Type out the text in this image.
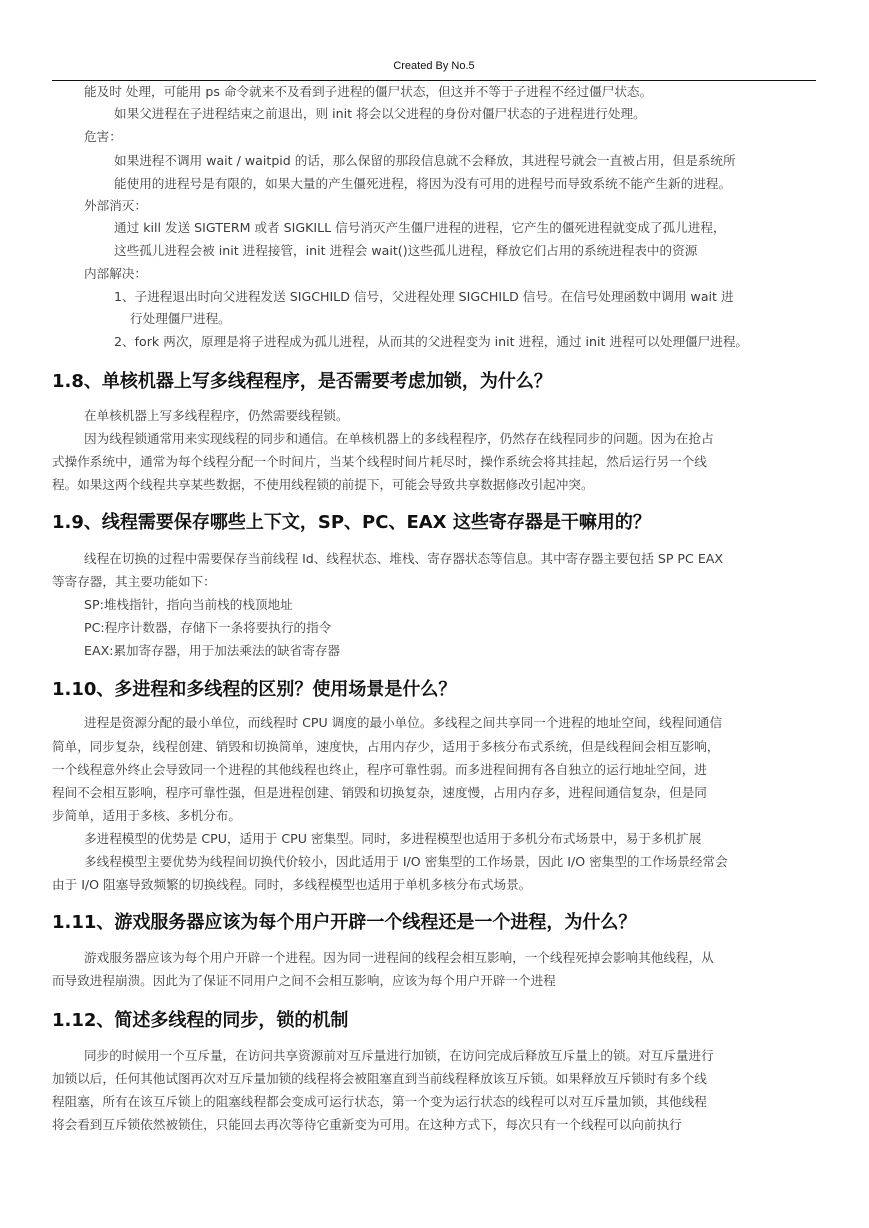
Created By No.5
能及时 处理，可能用 ps 命令就来不及看到子进程的僵尸状态，但这并不等于子进程不经过僵尸状态。
如果父进程在子进程结束之前退出，则 init 将会以父进程的身份对僵尸状态的子进程进行处理。
危害：
如果进程不调用 wait / waitpid 的话，那么保留的那段信息就不会释放，其进程号就会一直被占用，但是系统所
能使用的进程号是有限的，如果大量的产生僵死进程，将因为没有可用的进程号而导致系统不能产生新的进程。
外部消灭：
通过 kill 发送 SIGTERM 或者 SIGKILL 信号消灭产生僵尸进程的进程，它产生的僵死进程就变成了孤儿进程，
这些孤儿进程会被 init 进程接管，init 进程会 wait()这些孤儿进程，释放它们占用的系统进程表中的资源
内部解决：
1、子进程退出时向父进程发送 SIGCHILD 信号，父进程处理 SIGCHILD 信号。在信号处理函数中调用 wait 进
行处理僵尸进程。
2、fork 两次，原理是将子进程成为孤儿进程，从而其的父进程变为 init 进程，通过 init 进程可以处理僵尸进程。
1.8、单核机器上写多线程程序，是否需要考虑加锁，为什么？
在单核机器上写多线程程序，仍然需要线程锁。
因为线程锁通常用来实现线程的同步和通信。在单核机器上的多线程程序，仍然存在线程同步的问题。因为在抢占
式操作系统中，通常为每个线程分配一个时间片，当某个线程时间片耗尽时，操作系统会将其挂起，然后运行另一个线
程。如果这两个线程共享某些数据，不使用线程锁的前提下，可能会导致共享数据修改引起冲突。
1.9、线程需要保存哪些上下文，SP、PC、EAX 这些寄存器是干嘛用的？
线程在切换的过程中需要保存当前线程 Id、线程状态、堆栈、寄存器状态等信息。其中寄存器主要包括 SP PC EAX
等寄存器，其主要功能如下：
SP:堆栈指针，指向当前栈的栈顶地址
PC:程序计数器，存储下一条将要执行的指令
EAX:累加寄存器，用于加法乘法的缺省寄存器
1.10、多进程和多线程的区别？使用场景是什么？
进程是资源分配的最小单位，而线程时 CPU 调度的最小单位。多线程之间共享同一个进程的地址空间，线程间通信
简单，同步复杂，线程创建、销毁和切换简单，速度快，占用内存少，适用于多核分布式系统，但是线程间会相互影响，
一个线程意外终止会导致同一个进程的其他线程也终止，程序可靠性弱。而多进程间拥有各自独立的运行地址空间，进
程间不会相互影响，程序可靠性强，但是进程创建、销毁和切换复杂，速度慢，占用内存多，进程间通信复杂，但是同
步简单，适用于多核、多机分布。
多进程模型的优势是 CPU，适用于 CPU 密集型。同时，多进程模型也适用于多机分布式场景中，易于多机扩展
多线程模型主要优势为线程间切换代价较小，因此适用于 I/O 密集型的工作场景，因此 I/O 密集型的工作场景经常会
由于 I/O 阻塞导致频繁的切换线程。同时，多线程模型也适用于单机多核分布式场景。
1.11、游戏服务器应该为每个用户开辟一个线程还是一个进程，为什么？
游戏服务器应该为每个用户开辟一个进程。因为同一进程间的线程会相互影响，一个线程死掉会影响其他线程，从
而导致进程崩溃。因此为了保证不同用户之间不会相互影响，应该为每个用户开辟一个进程
1.12、简述多线程的同步，锁的机制
同步的时候用一个互斥量，在访问共享资源前对互斥量进行加锁，在访问完成后释放互斥量上的锁。对互斥量进行
加锁以后，任何其他试图再次对互斥量加锁的线程将会被阻塞直到当前线程释放该互斥锁。如果释放互斥锁时有多个线
程阻塞，所有在该互斥锁上的阻塞线程都会变成可运行状态，第一个变为运行状态的线程可以对互斥量加锁，其他线程
将会看到互斥锁依然被锁住，只能回去再次等待它重新变为可用。在这种方式下，每次只有一个线程可以向前执行
